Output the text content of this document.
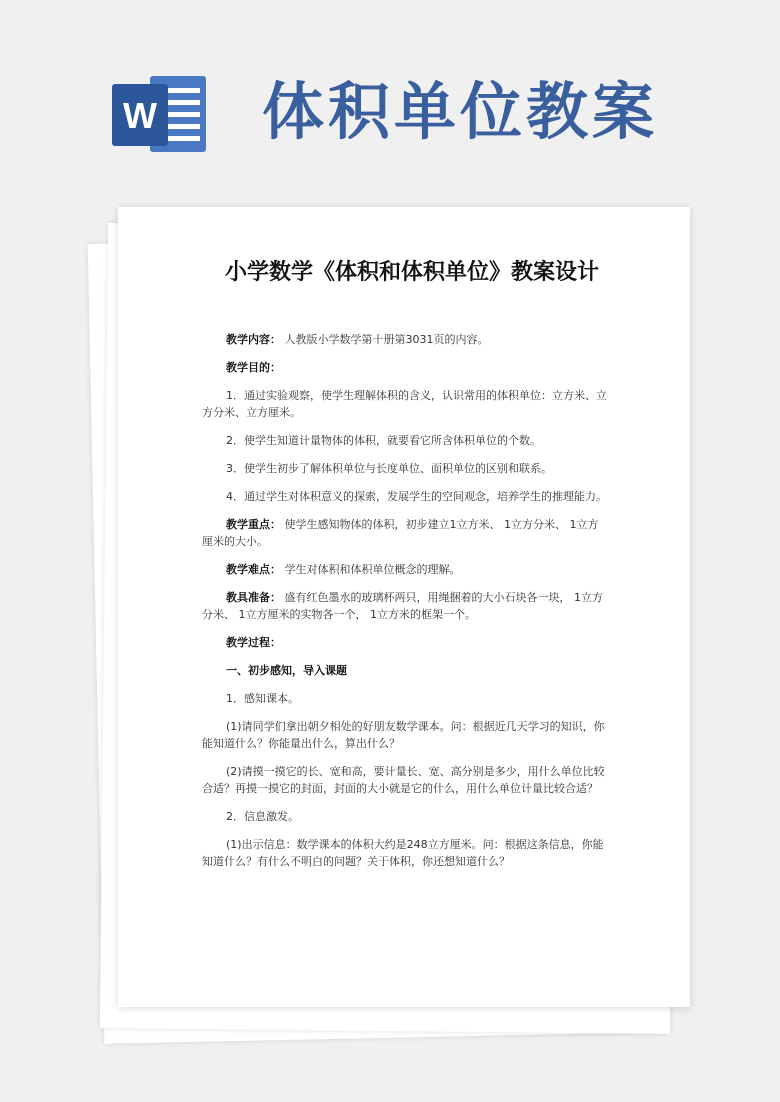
W 体积单位教案
小学数学《体积和体积单位》教案设计
教学内容： 人教版小学数学第十册第3031页的内容。
教学目的：
1．通过实验观察，使学生理解体积的含义，认识常用的体积单位：立方米、立方分米、立方厘米。
2．使学生知道计量物体的体积，就要看它所含体积单位的个数。
3．使学生初步了解体积单位与长度单位、面积单位的区别和联系。
4．通过学生对体积意义的探索，发展学生的空间观念，培养学生的推理能力。
教学重点： 使学生感知物体的体积，初步建立1立方米、 1立方分米、 1立方厘米的大小。
教学难点： 学生对体积和体积单位概念的理解。
教具准备： 盛有红色墨水的玻璃杯两只，用绳捆着的大小石块各一块， 1立方分米、 1立方厘米的实物各一个， 1立方米的框架一个。
教学过程：
一、初步感知，导入课题
1．感知课本。
(1)请同学们拿出朝夕相处的好朋友数学课本。问：根据近几天学习的知识，你能知道什么？你能量出什么，算出什么？
(2)请摸一摸它的长、宽和高，要计量长、宽、高分别是多少，用什么单位比较合适？再摸一摸它的封面，封面的大小就是它的什么，用什么单位计量比较合适？
2．信息激发。
(1)出示信息：数学课本的体积大约是248立方厘米。问：根据这条信息，你能知道什么？有什么不明白的问题？关于体积，你还想知道什么？
